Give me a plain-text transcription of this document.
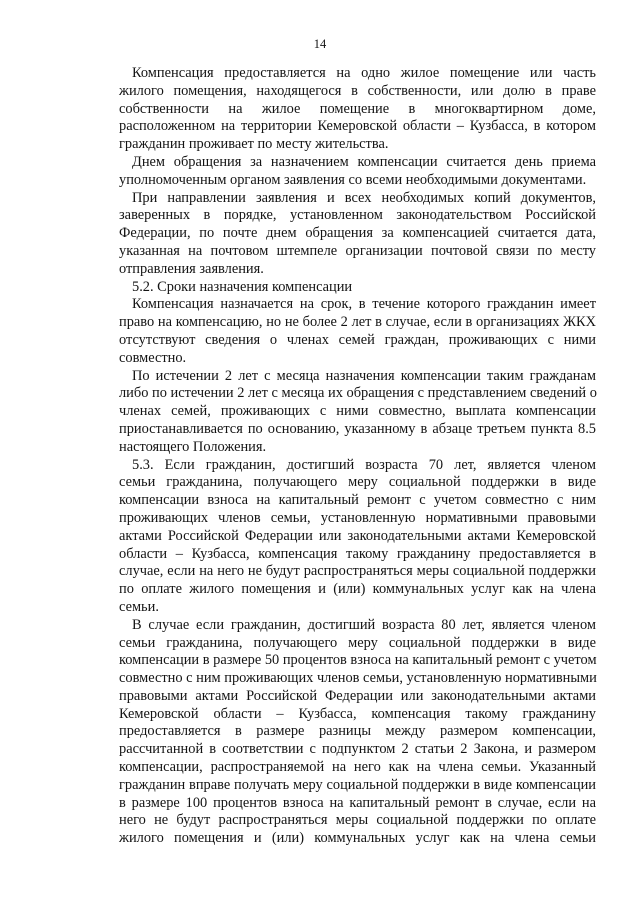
14
Компенсация предоставляется на одно жилое помещение или часть
жилого помещения, находящегося в собственности, или долю в праве
собственности на жилое помещение в многоквартирном доме,
расположенном на территории Кемеровской области – Кузбасса, в котором
гражданин проживает по месту жительства.
Днем обращения за назначением компенсации считается день приема
уполномоченным органом заявления со всеми необходимыми документами.
При направлении заявления и всех необходимых копий документов,
заверенных в порядке, установленном законодательством Российской
Федерации, по почте днем обращения за компенсацией считается дата,
указанная на почтовом штемпеле организации почтовой связи по месту
отправления заявления.
5.2. Сроки назначения компенсации
Компенсация назначается на срок, в течение которого гражданин имеет
право на компенсацию, но не более 2 лет в случае, если в организациях ЖКХ
отсутствуют сведения о членах семей граждан, проживающих с ними
совместно.
По истечении 2 лет с месяца назначения компенсации таким гражданам
либо по истечении 2 лет с месяца их обращения с представлением сведений о
членах семей, проживающих с ними совместно, выплата компенсации
приостанавливается по основанию, указанному в абзаце третьем пункта 8.5
настоящего Положения.
5.3. Если гражданин, достигший возраста 70 лет, является членом
семьи гражданина, получающего меру социальной поддержки в виде
компенсации взноса на капитальный ремонт с учетом совместно с ним
проживающих членов семьи, установленную нормативными правовыми
актами Российской Федерации или законодательными актами Кемеровской
области – Кузбасса, компенсация такому гражданину предоставляется в
случае, если на него не будут распространяться меры социальной поддержки
по оплате жилого помещения и (или) коммунальных услуг как на члена
семьи.
В случае если гражданин, достигший возраста 80 лет, является членом
семьи гражданина, получающего меру социальной поддержки в виде
компенсации в размере 50 процентов взноса на капитальный ремонт с учетом
совместно с ним проживающих членов семьи, установленную нормативными
правовыми актами Российской Федерации или законодательными актами
Кемеровской области – Кузбасса, компенсация такому гражданину
предоставляется в размере разницы между размером компенсации,
рассчитанной в соответствии с подпунктом 2 статьи 2 Закона, и размером
компенсации, распространяемой на него как на члена семьи. Указанный
гражданин вправе получать меру социальной поддержки в виде компенсации
в размере 100 процентов взноса на капитальный ремонт в случае, если на
него не будут распространяться меры социальной поддержки по оплате
жилого помещения и (или) коммунальных услуг как на члена семьи
